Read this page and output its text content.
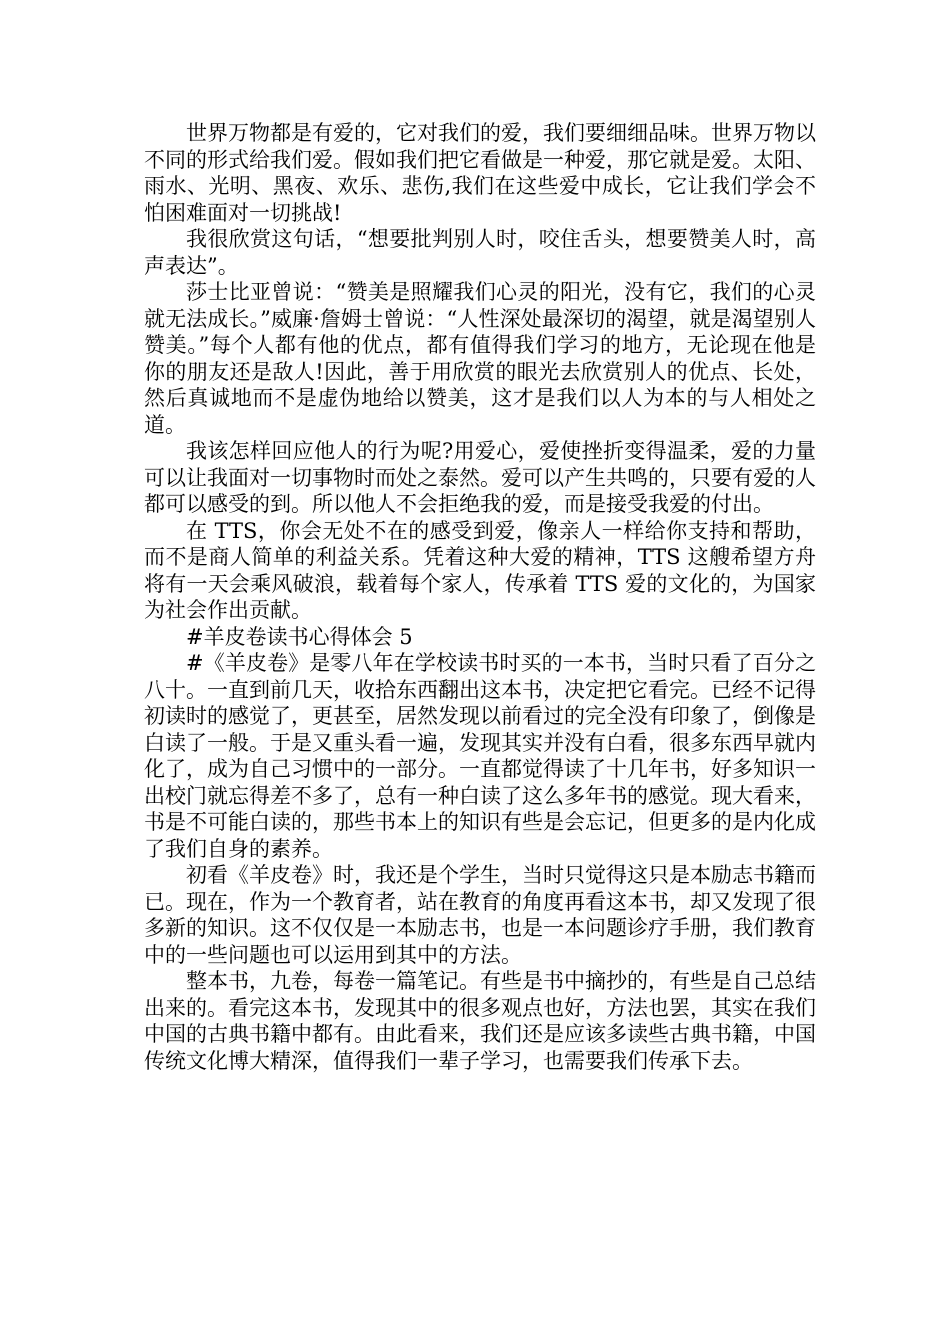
世界万物都是有爱的，它对我们的爱，我们要细细品味。世界万物以不同的形式给我们爱。假如我们把它看做是一种爱，那它就是爱。太阳、雨水、光明、黑夜、欢乐、悲伤,我们在这些爱中成长，它让我们学会不怕困难面对一切挑战!

我很欣赏这句话，“想要批判别人时，咬住舌头，想要赞美人时，高声表达”。

莎士比亚曾说：“赞美是照耀我们心灵的阳光，没有它，我们的心灵就无法成长。”威廉·詹姆士曾说：“人性深处最深切的渴望，就是渴望别人赞美。”每个人都有他的优点，都有值得我们学习的地方，无论现在他是你的朋友还是敌人!因此，善于用欣赏的眼光去欣赏别人的优点、长处，然后真诚地而不是虚伪地给以赞美，这才是我们以人为本的与人相处之道。

我该怎样回应他人的行为呢?用爱心，爱使挫折变得温柔，爱的力量可以让我面对一切事物时而处之泰然。爱可以产生共鸣的，只要有爱的人都可以感受的到。所以他人不会拒绝我的爱，而是接受我爱的付出。

在 TTS，你会无处不在的感受到爱，像亲人一样给你支持和帮助，而不是商人简单的利益关系。凭着这种大爱的精神，TTS 这艘希望方舟将有一天会乘风破浪，载着每个家人，传承着 TTS 爱的文化的，为国家为社会作出贡献。

#羊皮卷读书心得体会 5

#《羊皮卷》是零八年在学校读书时买的一本书，当时只看了百分之八十。一直到前几天，收拾东西翻出这本书，决定把它看完。已经不记得初读时的感觉了，更甚至，居然发现以前看过的完全没有印象了，倒像是白读了一般。于是又重头看一遍，发现其实并没有白看，很多东西早就内化了，成为自己习惯中的一部分。一直都觉得读了十几年书，好多知识一出校门就忘得差不多了，总有一种白读了这么多年书的感觉。现大看来，书是不可能白读的，那些书本上的知识有些是会忘记，但更多的是内化成了我们自身的素养。

初看《羊皮卷》时，我还是个学生，当时只觉得这只是本励志书籍而已。现在，作为一个教育者，站在教育的角度再看这本书，却又发现了很多新的知识。这不仅仅是一本励志书，也是一本问题诊疗手册，我们教育中的一些问题也可以运用到其中的方法。

整本书，九卷，每卷一篇笔记。有些是书中摘抄的，有些是自己总结出来的。看完这本书，发现其中的很多观点也好，方法也罢，其实在我们中国的古典书籍中都有。由此看来，我们还是应该多读些古典书籍，中国传统文化博大精深，值得我们一辈子学习，也需要我们传承下去。
